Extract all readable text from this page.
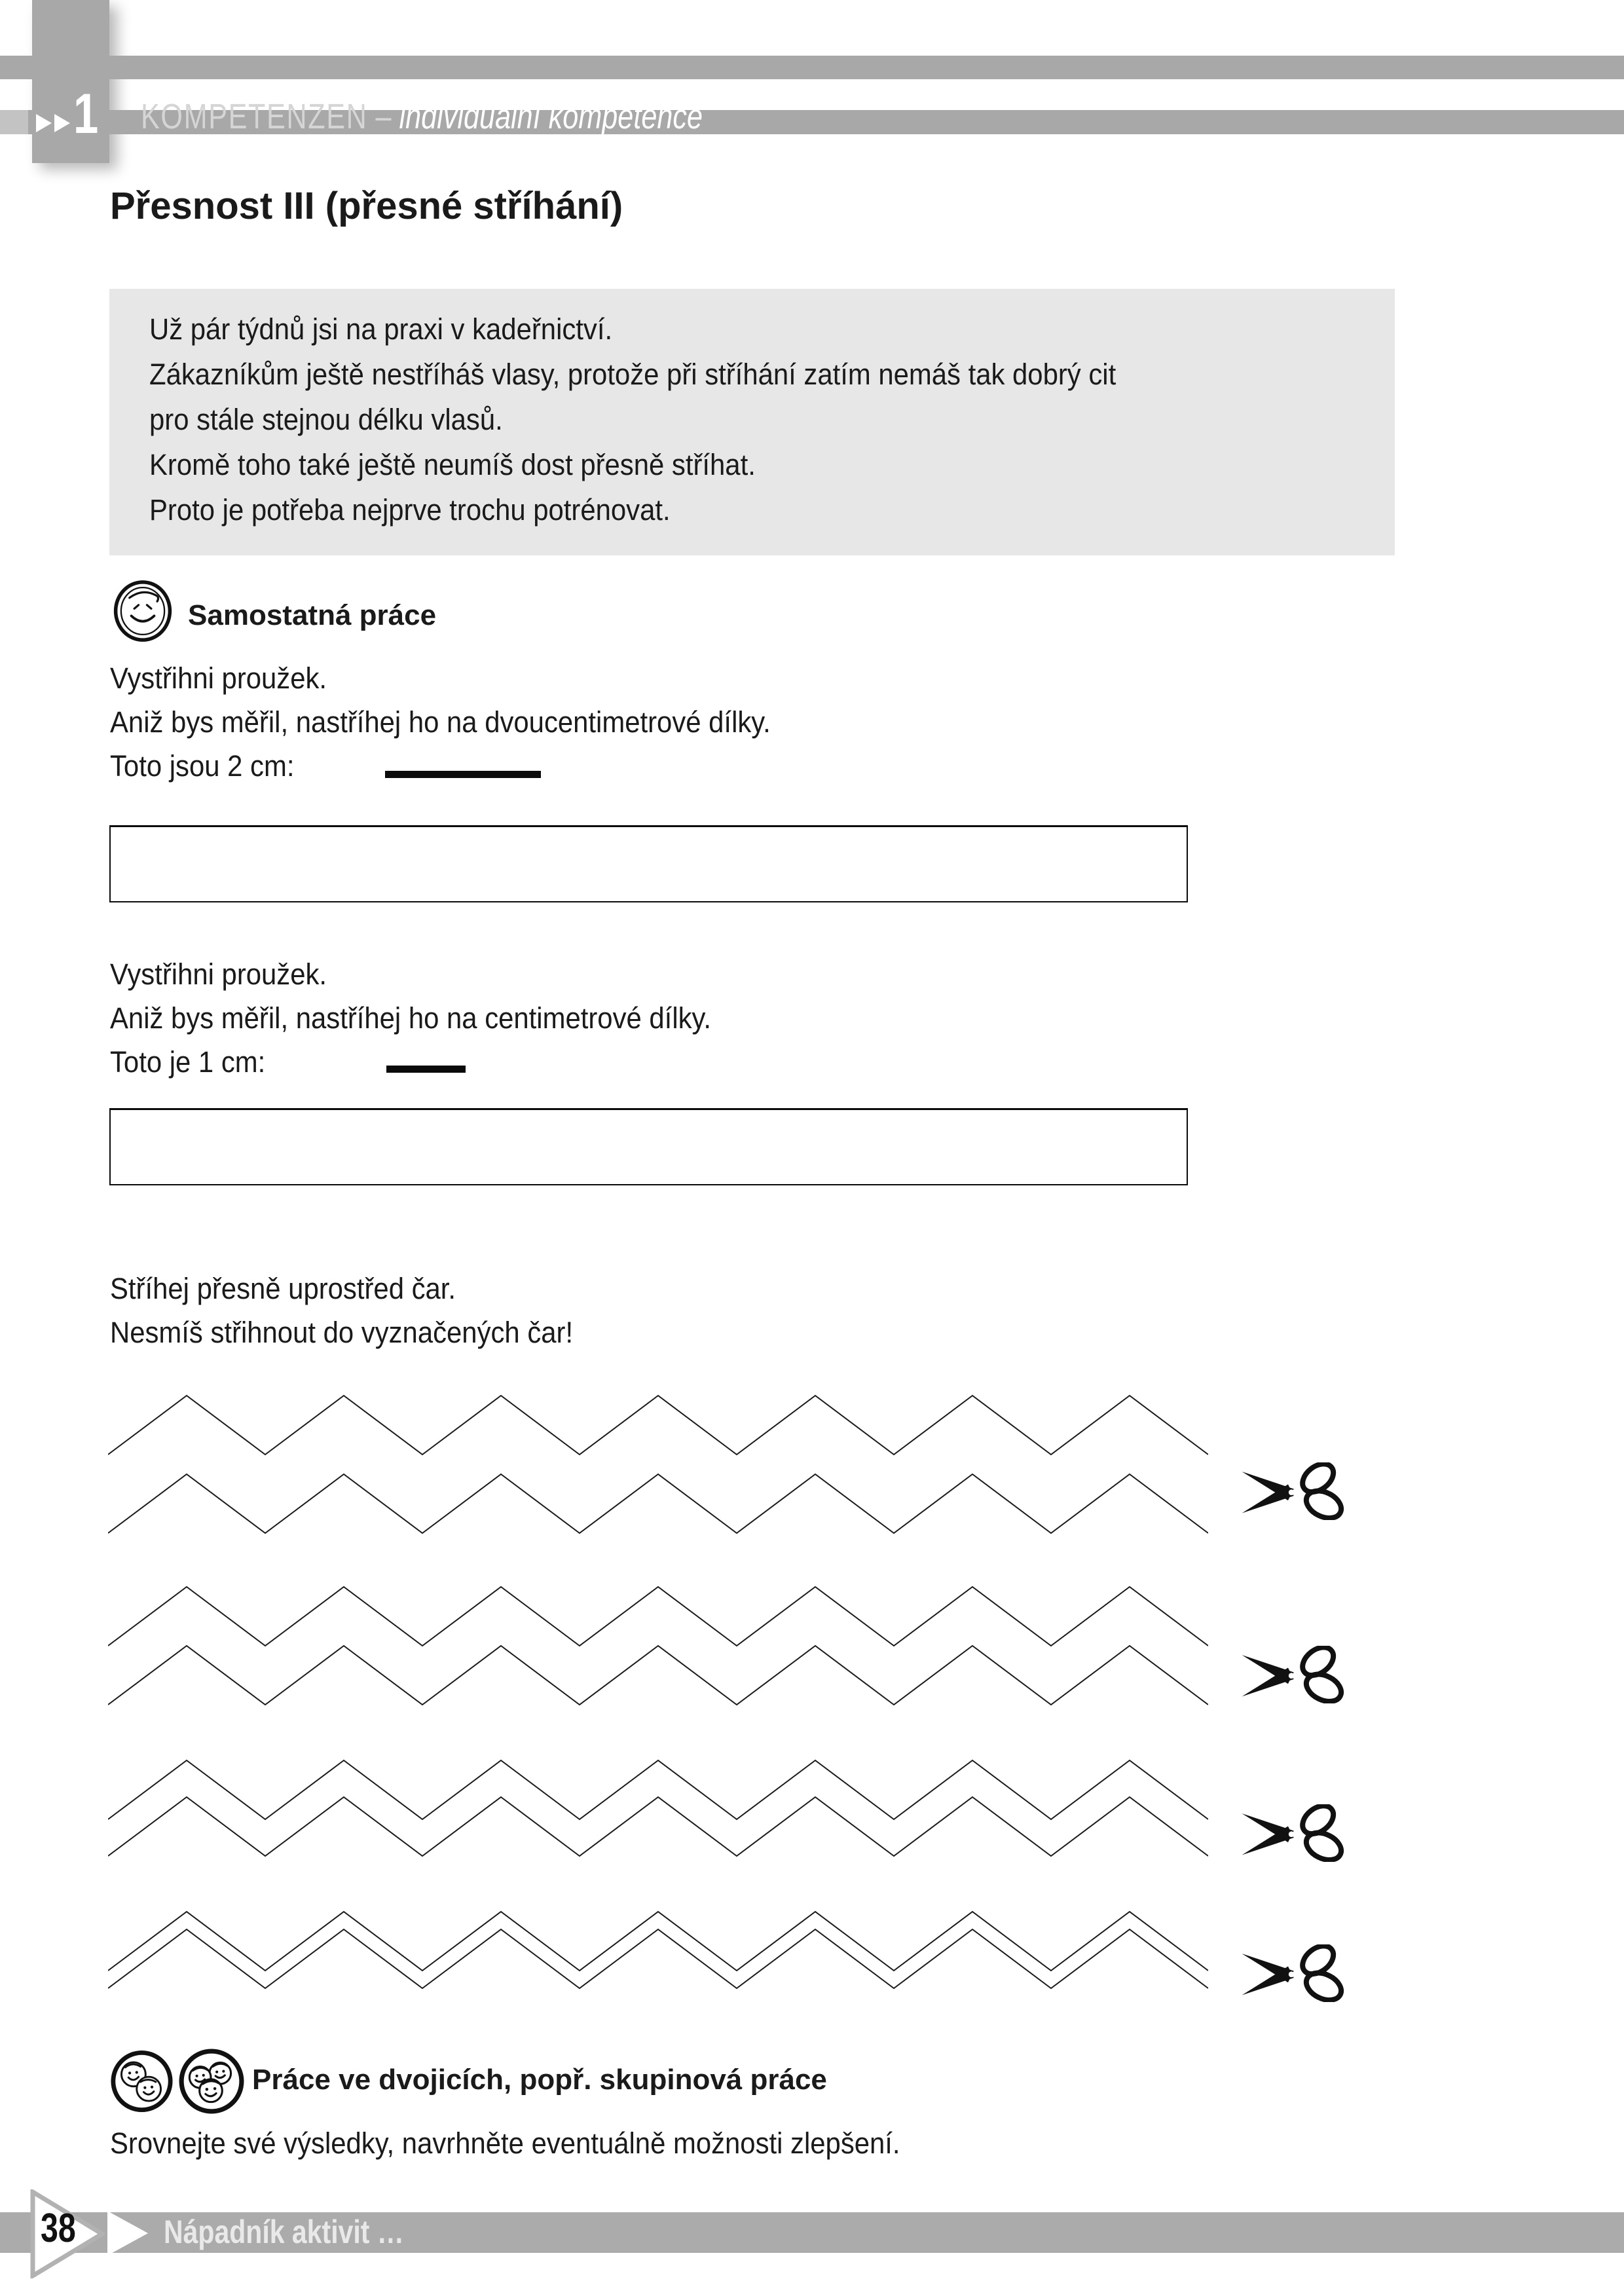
1 KOMPETENZEN – individuální kompetence
Přesnost III (přesné stříhání)
Už pár týdnů jsi na praxi v kadeřnictví.
Zákazníkům ještě nestříháš vlasy, protože při stříhání zatím nemáš tak dobrý cit
pro stále stejnou délku vlasů.
Kromě toho také ještě neumíš dost přesně stříhat.
Proto je potřeba nejprve trochu potrénovat.
Samostatná práce
Vystřihni proužek.
Aniž bys měřil, nastříhej ho na dvoucentimetrové dílky.
Toto jsou 2 cm:
Vystřihni proužek.
Aniž bys měřil, nastříhej ho na centimetrové dílky.
Toto je 1 cm:
Stříhej přesně uprostřed čar.
Nesmíš střihnout do vyznačených čar!
Práce ve dvojicích, popř. skupinová práce
Srovnejte své výsledky, navrhněte eventuálně možnosti zlepšení.
38	Nápadník aktivit …
